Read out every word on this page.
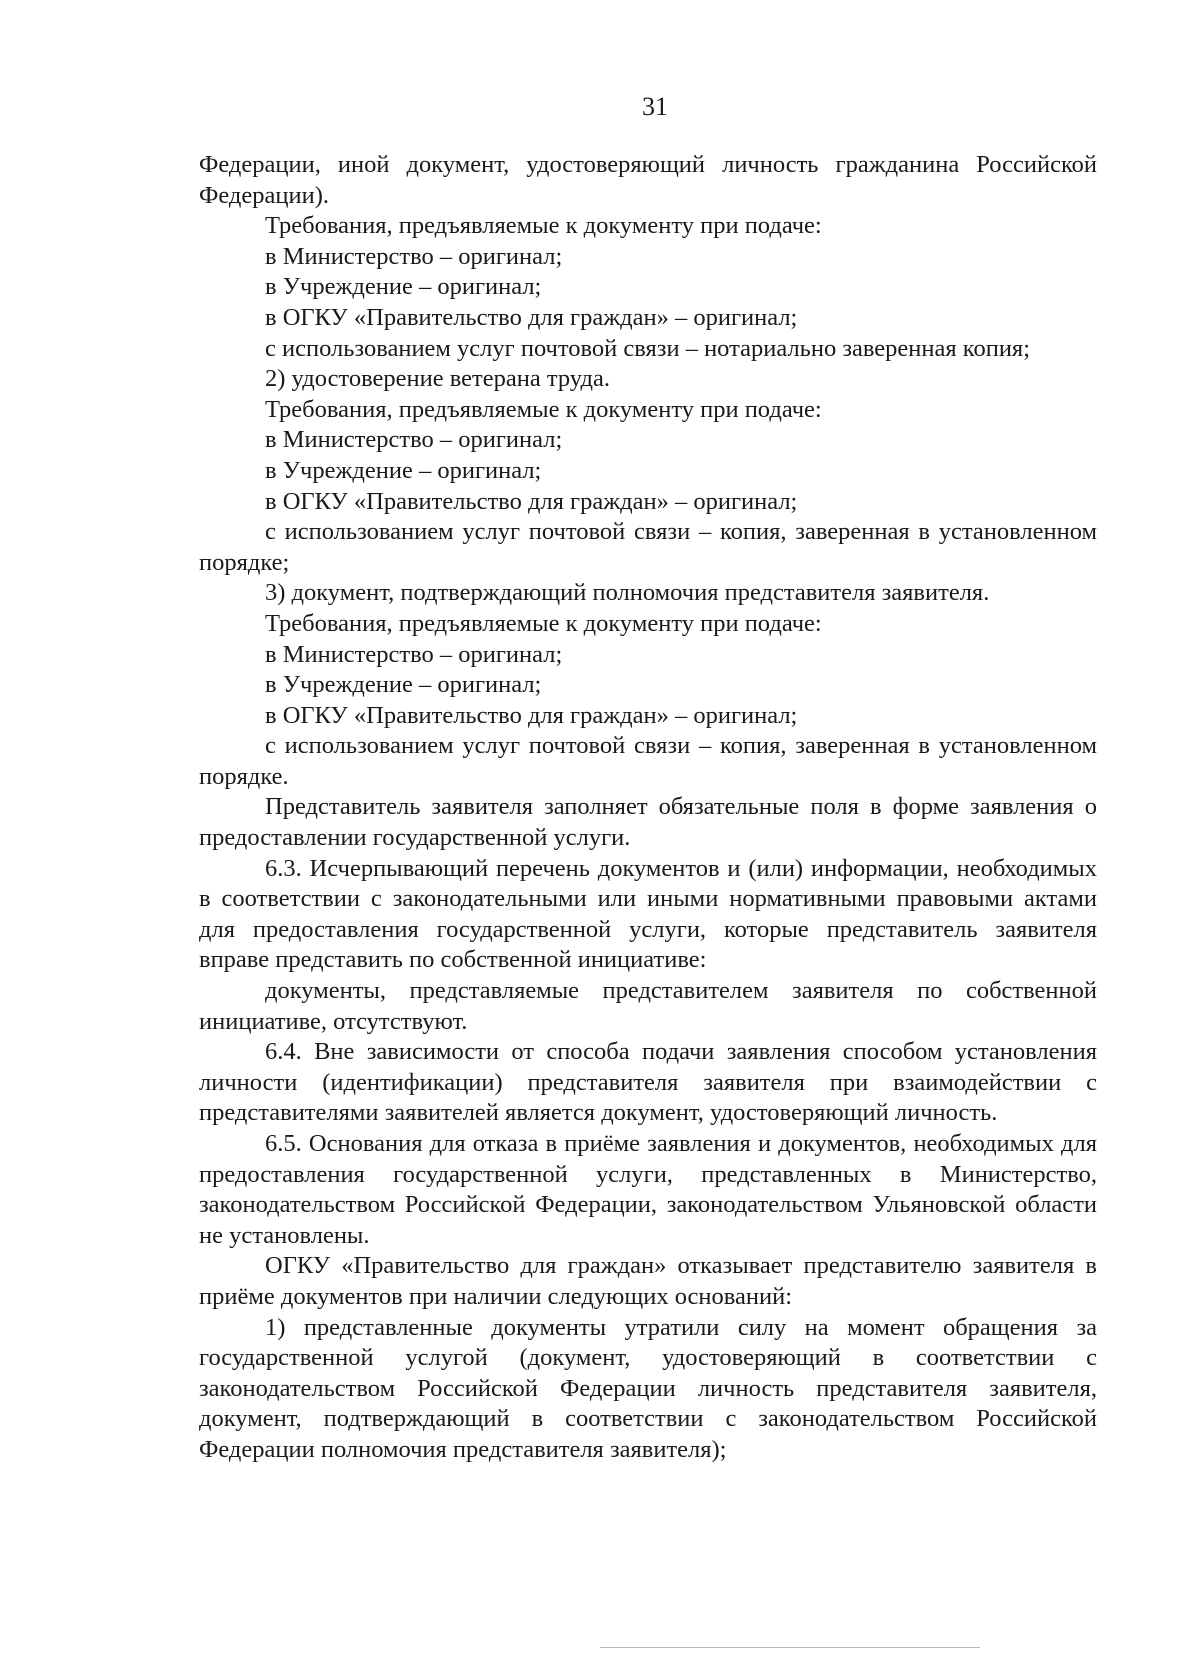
31

Федерации, иной документ, удостоверяющий личность гражданина Российской Федерации).

Требования, предъявляемые к документу при подаче:

в Министерство – оригинал;

в Учреждение – оригинал;

в ОГКУ «Правительство для граждан» – оригинал;

с использованием услуг почтовой связи – нотариально заверенная копия;

2) удостоверение ветерана труда.

Требования, предъявляемые к документу при подаче:

в Министерство – оригинал;

в Учреждение – оригинал;

в ОГКУ «Правительство для граждан» – оригинал;

с использованием услуг почтовой связи – копия, заверенная в установленном порядке;

3) документ, подтверждающий полномочия представителя заявителя.

Требования, предъявляемые к документу при подаче:

в Министерство – оригинал;

в Учреждение – оригинал;

в ОГКУ «Правительство для граждан» – оригинал;

с использованием услуг почтовой связи – копия, заверенная в установленном порядке.

Представитель заявителя заполняет обязательные поля в форме заявления о предоставлении государственной услуги.

6.3. Исчерпывающий перечень документов и (или) информации, необходимых в соответствии с законодательными или иными нормативными правовыми актами для предоставления государственной услуги, которые представитель заявителя вправе представить по собственной инициативе:

документы, представляемые представителем заявителя по собственной инициативе, отсутствуют.

6.4. Вне зависимости от способа подачи заявления способом установления личности (идентификации) представителя заявителя при взаимодействии с представителями заявителей является документ, удостоверяющий личность.

6.5. Основания для отказа в приёме заявления и документов, необходимых для предоставления государственной услуги, представленных в Министерство, законодательством Российской Федерации, законодательством Ульяновской области не установлены.

ОГКУ «Правительство для граждан» отказывает представителю заявителя в приёме документов при наличии следующих оснований:

1) представленные документы утратили силу на момент обращения за государственной услугой (документ, удостоверяющий в соответствии с законодательством Российской Федерации личность представителя заявителя, документ, подтверждающий в соответствии с законодательством Российской Федерации полномочия представителя заявителя);
